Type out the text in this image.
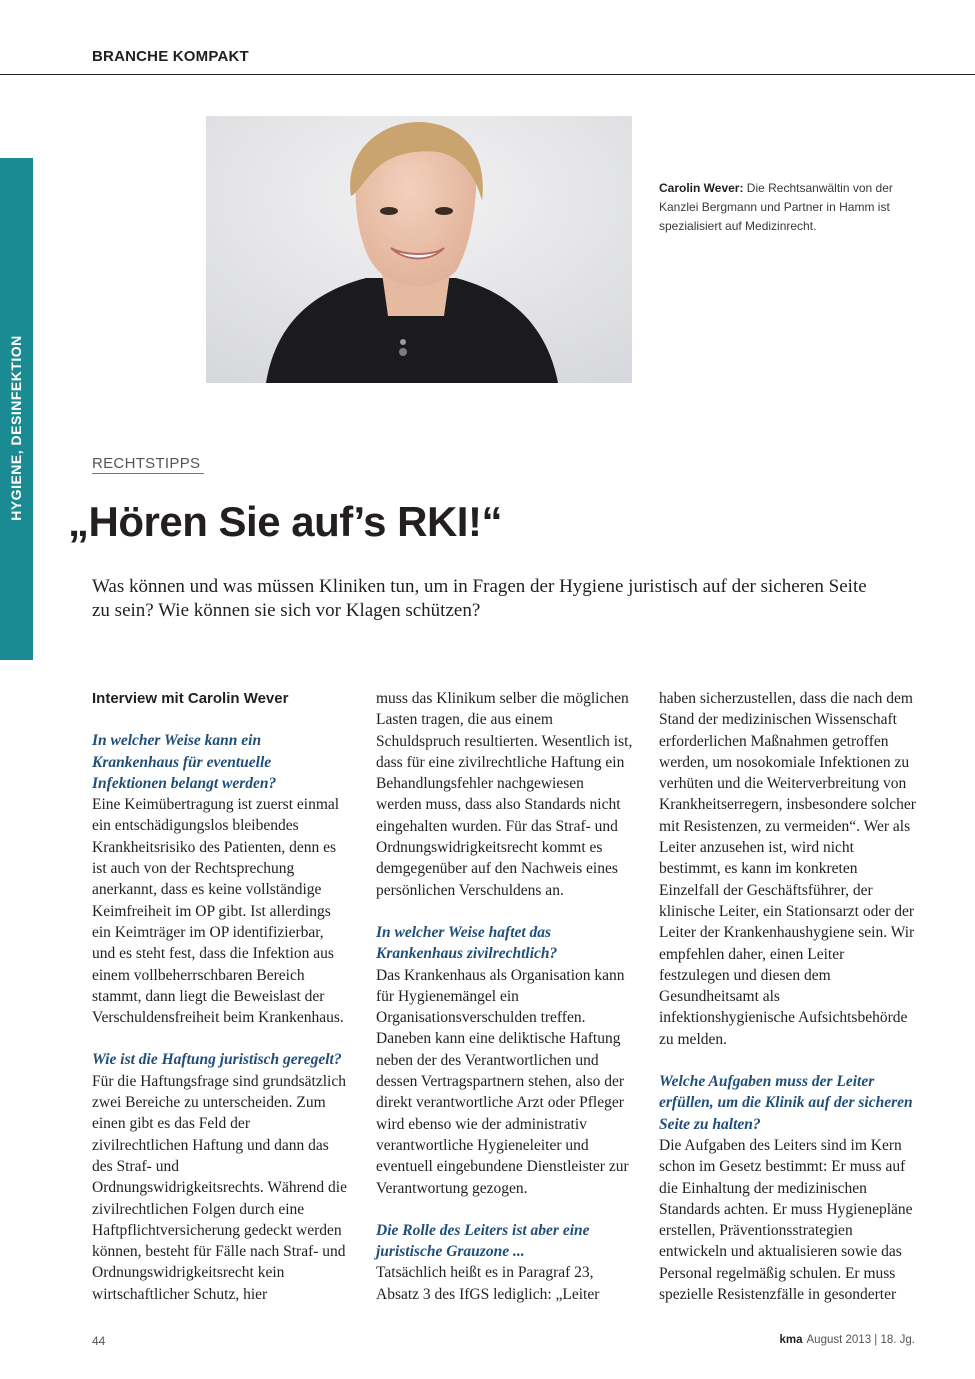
BRANCHE KOMPAKT
HYGIENE, DESINFEKTION
Carolin Wever: Die Rechtsanwältin von der Kanzlei Bergmann und Partner in Hamm ist spezialisiert auf Medizinrecht.
RECHTSTIPPS
„Hören Sie auf’s RKI!“
Was können und was müssen Kliniken tun, um in Fragen der Hygiene juristisch auf der sicheren Seite zu sein? Wie können sie sich vor Klagen schützen?

Interview mit Carolin Wever

In welcher Weise kann ein Krankenhaus für eventuelle Infektionen belangt werden?

Eine Keimübertragung ist zuerst einmal ein entschädigungslos bleibendes Krankheitsrisiko des Patienten, denn es ist auch von der Rechtsprechung anerkannt, dass es keine vollständige Keimfreiheit im OP gibt. Ist allerdings ein Keimträger im OP identifizierbar, und es steht fest, dass die Infektion aus einem vollbeherrschbaren Bereich stammt, dann liegt die Beweislast der Verschuldensfreiheit beim Krankenhaus.

Wie ist die Haftung juristisch geregelt?

Für die Haftungsfrage sind grundsätzlich zwei Bereiche zu unterscheiden. Zum einen gibt es das Feld der zivilrechtlichen Haftung und dann das des Straf- und Ordnungswidrigkeitsrechts. Während die zivilrechtlichen Folgen durch eine Haftpflichtversicherung gedeckt werden können, besteht für Fälle nach Straf- und Ordnungswidrigkeitsrecht kein wirtschaftlicher Schutz, hier

muss das Klinikum selber die möglichen Lasten tragen, die aus einem Schuldspruch resultierten. Wesentlich ist, dass für eine zivilrechtliche Haftung ein Behandlungsfehler nachgewiesen werden muss, dass also Standards nicht eingehalten wurden. Für das Straf- und Ordnungswidrigkeitsrecht kommt es demgegenüber auf den Nachweis eines persönlichen Verschuldens an.

In welcher Weise haftet das Krankenhaus zivilrechtlich?

Das Krankenhaus als Organisation kann für Hygienemängel ein Organisationsverschulden treffen. Daneben kann eine deliktische Haftung neben der des Verantwortlichen und dessen Vertragspartnern stehen, also der direkt verantwortliche Arzt oder Pfleger wird ebenso wie der administrativ verantwortliche Hygieneleiter und eventuell eingebundene Dienstleister zur Verantwortung gezogen.

Die Rolle des Leiters ist aber eine juristische Grauzone ...

Tatsächlich heißt es in Paragraf 23, Absatz 3 des IfGS lediglich: „Leiter

haben sicherzustellen, dass die nach dem Stand der medizinischen Wissenschaft erforderlichen Maßnahmen getroffen werden, um nosokomiale Infektionen zu verhüten und die Weiterverbreitung von Krankheitserregern, insbesondere solcher mit Resistenzen, zu vermeiden“. Wer als Leiter anzusehen ist, wird nicht bestimmt, es kann im konkreten Einzelfall der Geschäftsführer, der klinische Leiter, ein Stationsarzt oder der Leiter der Krankenhaushygiene sein. Wir empfehlen daher, einen Leiter festzulegen und diesen dem Gesundheitsamt als infektionshygienische Aufsichtsbehörde zu melden.

Welche Aufgaben muss der Leiter erfüllen, um die Klinik auf der sicheren Seite zu halten?

Die Aufgaben des Leiters sind im Kern schon im Gesetz bestimmt: Er muss auf die Einhaltung der medizinischen Standards achten. Er muss Hygienepläne erstellen, Präventionsstrategien entwickeln und aktualisieren sowie das Personal regelmäßig schulen. Er muss spezielle Resistenzfälle in gesonderter

44	kma August 2013 | 18. Jg.
